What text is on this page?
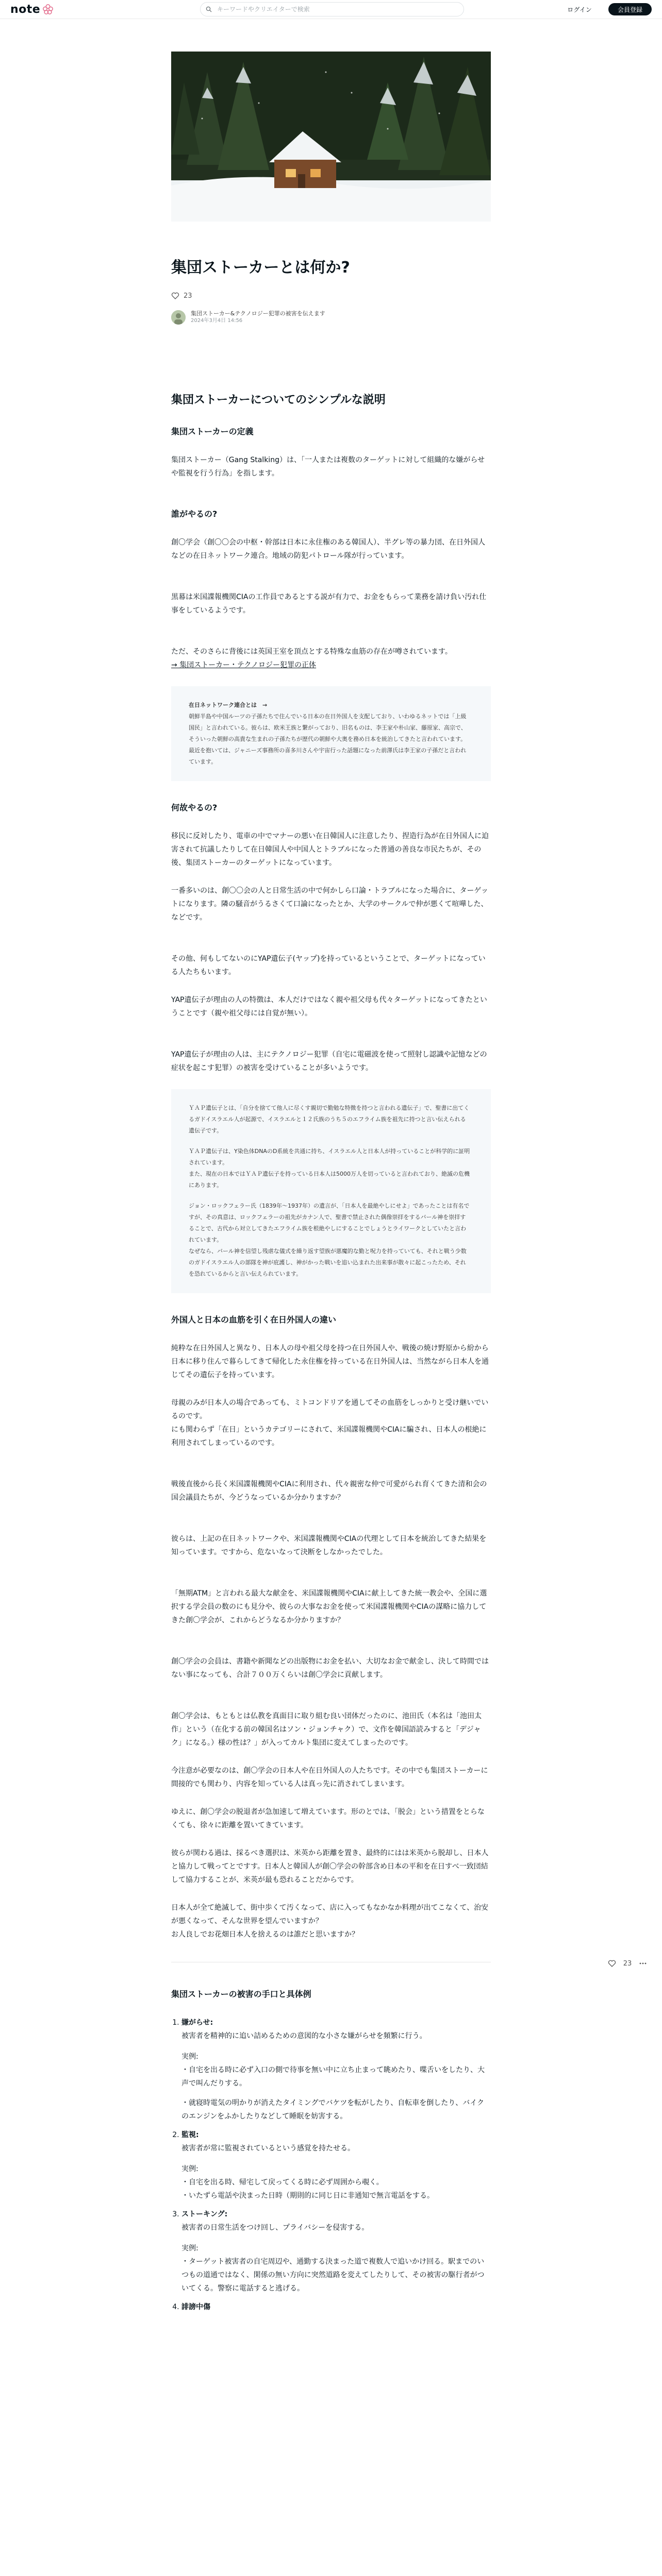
note
キーワードやクリエイターで検索	ログイン	会員登録
集団ストーカーとは何か?
23
集団ストーカー&テクノロジー犯罪の被害を伝えます
2024年3月4日 14:56
集団ストーカーについてのシンプルな説明
集団ストーカーの定義

集団ストーカー（Gang Stalking）は、「一人または複数のターゲットに対して組織的な嫌がらせや監視を行う行為」を指します。

誰がやるの?

創〇学会（創〇〇会の中枢・幹部は日本に永住権のある韓国人）、半グレ等の暴力団、在日外国人などの在日ネットワーク連合。地域の防犯パトロール隊が行っています。

黒幕は米国諜報機関CIAの工作員であるとする説が有力で、お金をもらって業務を請け負い汚れ仕事をしているようです。

ただ、そのさらに背後には英国王室を頂点とする特殊な血筋の存在が噂されています。

→ 集団ストーカー・テクノロジー犯罪の正体

在日ネットワーク連合とは　→

朝鮮半島や中国ルーツの子孫たちで住んでいる日本の在日外国人を支配しており、いわゆるネットでは「上級国民」と言われている。彼らは、欧米王族と繋がっており、旧名ものは、李王家や朴山家、藤原家、高宗で、そういった朝鮮の高貴な生まれの子孫たちが歴代の朝鮮や大奥を務め日本を統治してきたと言われています。

最近を抱いては、ジャニーズ事務所の喜多川さんや宇宙行った話題になった前澤氏は李王家の子孫だと言われています。

何故やるの?

移民に反対したり、電車の中でマナーの悪い在日韓国人に注意したり、捏造行為が在日外国人に迫害されて抗議したりして在日韓国人や中国人とトラブルになった普通の善良な市民たちが、その後、集団ストーカーのターゲットになっています。

一番多いのは、創〇〇会の人と日常生活の中で何かしら口論・トラブルになった場合に、ターゲットになります。隣の騒音がうるさくて口論になったとか、大学のサークルで仲が悪くて喧嘩した、などです。

その他、何もしてないのにYAP遺伝子(ヤップ)を持っているということで、ターゲットになっている人たちもいます。

YAP遺伝子が理由の人の特徴は、本人だけではなく親や祖父母も代々ターゲットになってきたということです（親や祖父母には自覚が無い）。

YAP遺伝子が理由の人は、主にテクノロジー犯罪（自宅に電磁波を使って照射し認識や記憶などの症状を起こす犯罪）の被害を受けていることが多いようです。

ＹＡＰ遺伝子とは、「自分を捨てて他人に尽くす親切で勤勉な特徴を持つと言われる遺伝子」で、聖書に出てくるガドイスラエル人が起源で、イスラエルと１２氏族のうち５のエフライム族を祖先に持つと言い伝えられる遺伝子です。

ＹＡＰ遺伝子は、Y染色体DNAのD系統を共通に持ち、イスラエル人と日本人が持っていることが科学的に証明されています。

また、現在の日本ではＹＡＰ遺伝子を持っている日本人は5000万人を切っていると言われており、絶滅の危機にあります。

ジョン・ロックフェラー氏（1839年〜1937年）の遺言が、「日本人を最絶やしにせよ」であったことは有名ですが、その真意は、ロックフェラーの祖先がカナン人で、聖書で禁止された偶像崇拝をするバール神を崇拝することで、古代から対立してきたエフライム族を根絶やしにすることでしょうとライワークとしていたと言われています。

なぜなら、バール神を信望し残虐な儀式を繰り返す望族が悪魔的な勤と呪力を持っていても、それと戦う少数のガドイスラエル人の部隊を神が庇護し、神がかった戦いを追い込まれた出来事が散々に起こったため、それを恐れているからと言い伝えられています。

外国人と日本の血筋を引く在日外国人の違い

純粋な在日外国人と異なり、日本人の母や祖父母を持つ在日外国人や、戦後の焼け野原から紛から日本に移り住んで暮らしてきて帰化した永住権を持っている在日外国人は、当然ながら日本人を通じてその遺伝子を持っています。

母親のみが日本人の場合であっても、ミトコンドリアを通してその血筋をしっかりと受け継いでいるのです。

にも関わらず「在日」というカテゴリーにされて、米国諜報機関やCIAに騙され、日本人の根絶に利用されてしまっているのです。

戦後直後から長く米国諜報機関やCIAに利用され、代々親密な仲で可愛がられ育くてきた清和会の国会議員たちが、今どうなっているか分かりますか？

彼らは、上記の在日ネットワークや、米国諜報機関やCIAの代理として日本を統治してきた結果を知っています。ですから、危ないなって決断をしなかったでした。

「無期ATM」と言われる最大な献金を、米国諜報機関やCIAに献上してきた統一教会や、全国に選択する学会員の数のにも見分や、彼らの大事なお金を使って米国諜報機関やCIAの謀略に協力してきた創〇学会が、これからどうなるか分かりますか？

創〇学会の会員は、書籍や新聞などの出版物にお金を払い、大切なお金で献金し、決して時間ではない事になっても、合計７００万くらいは創〇学会に貢献します。

創〇学会は、もともとは仏教を真面目に取り組む良い団体だったのに、池田氏（本名は「池田太作」という（在化する前の韓国名はソン・ジョンチャク）で、文作を韓国語読みすると「デジャク」になる。）様の性は？」が入ってカルト集団に変えてしまったのです。

今注意が必要なのは、創〇学会の日本人や在日外国人の人たちです。その中でも集団ストーカーに間接的でも関わり、内容を知っている人は真っ先に消されてしまいます。

ゆえに、創〇学会の脱退者が急加速して増えています。形のとでは、「脱会」という措置をとらなくても、徐々に距離を置いてきています。

彼らが関わる過は、採るべき選択は、米英から距離を置き、最終的にはは米英から脱却し、日本人と協力して戦ってとですす。日本人と韓国人が創〇学会の幹部含め日本の平和を在日すべ一致団結して協力することが、米英が最も恐れることだからです。

日本人が全て絶滅して、街中歩くて汚くなって、店に入ってもなかなか料理が出てこなくて、治安が悪くなって、そんな世界を望んでいますか？

お人良しでお花畑日本人を捨えるのは誰だと思いますか？

集団ストーカーの被害の手口と具体例
1. 嫌がらせ:

被害者を精神的に追い詰めるための意図的な小さな嫌がらせを頻繁に行う。

実例:

・自宅を出る時に必ず入口の側で待事を無い中に立ち止まって眺めたり、喋舌いをしたり、大声で叫んだりする。

・就寝時電気の明かりが消えたタイミングでバケツを転がしたり、自転車を倒したり、バイクのエンジンをふかしたりなどして睡眠を妨害する。

2. 監視:

被害者が常に監視されているという感覚を持たせる。

実例:

・自宅を出る時、帰宅して戻ってくる時に必ず周囲から覗く。

・いたずら電話や決まった日時（期則的に同じ日に非通知で無言電話をする。

3. ストーキング:

被害者の日常生活をつけ回し、プライバシーを侵害する。

実例:

・ターゲット被害者の自宅周辺や、通勤する決まった道で複数人で追いかけ回る。駅までのいつもの道通ではなく、閑係の無い方向に突然道路を変えてしたりして、その被害の駆行者がついてくる。警察に電話すると逃げる。

4. 誹謗中傷
23
